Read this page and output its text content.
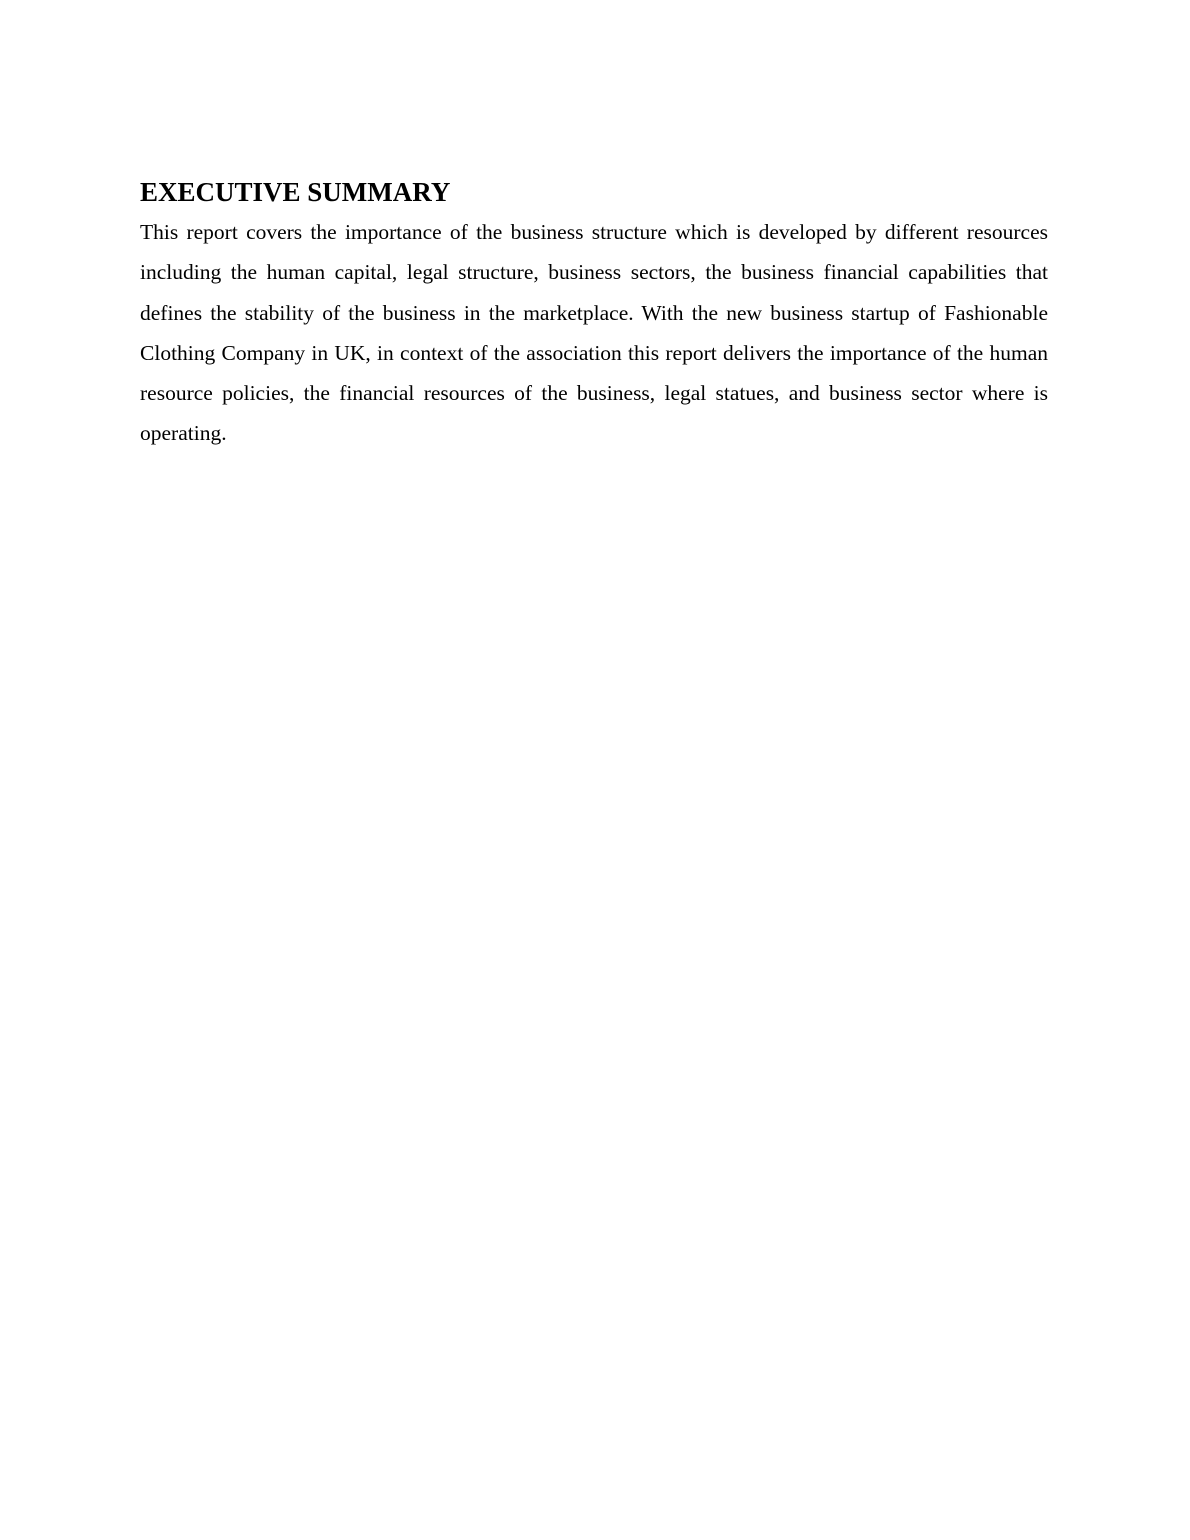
EXECUTIVE SUMMARY

This report covers the importance of the business structure which is developed by different resources including the human capital, legal structure, business sectors, the business financial capabilities that defines the stability of the business in the marketplace. With the new business startup of Fashionable Clothing Company in UK, in context of the association this report delivers the importance of the human resource policies, the financial resources of the business, legal statues, and business sector where is operating.
